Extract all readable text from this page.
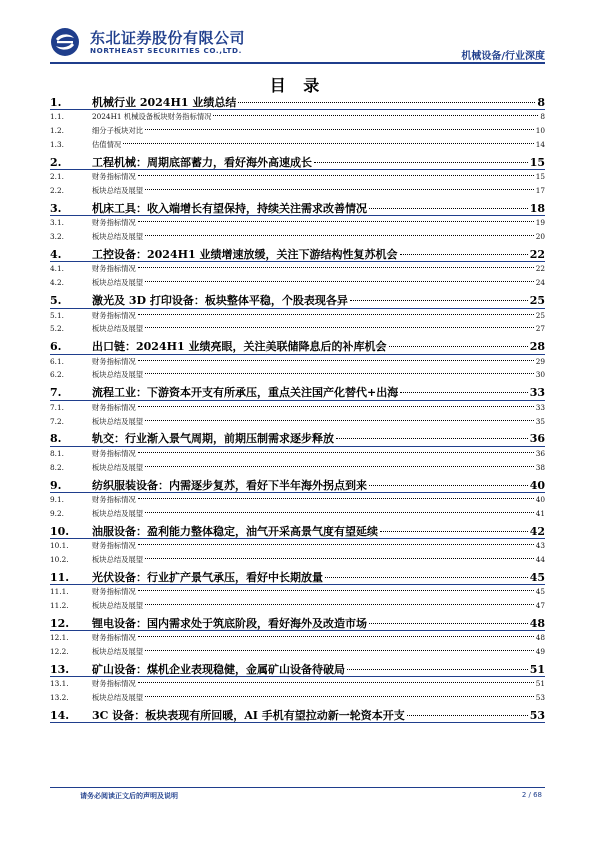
东北证券股份有限公司
NORTHEAST SECURITIES CO.,LTD.
机械设备/行业深度
目 录
1.	机械行业 2024H1 业绩总结	8
1.1.	2024H1 机械设备板块财务指标情况	8
1.2.	细分子板块对比	10
1.3.	估值情况	14
2.	工程机械：周期底部蓄力，看好海外高速成长	15
2.1.	财务指标情况	15
2.2.	板块总结及展望	17
3.	机床工具：收入端增长有望保持，持续关注需求改善情况	18
3.1.	财务指标情况	19
3.2.	板块总结及展望	20
4.	工控设备：2024H1 业绩增速放缓，关注下游结构性复苏机会	22
4.1.	财务指标情况	22
4.2.	板块总结及展望	24
5.	激光及 3D 打印设备：板块整体平稳，个股表现各异	25
5.1.	财务指标情况	25
5.2.	板块总结及展望	27
6.	出口链：2024H1 业绩亮眼，关注美联储降息后的补库机会	28
6.1.	财务指标情况	29
6.2.	板块总结及展望	30
7.	流程工业：下游资本开支有所承压，重点关注国产化替代+出海	33
7.1.	财务指标情况	33
7.2.	板块总结及展望	35
8.	轨交：行业渐入景气周期，前期压制需求逐步释放	36
8.1.	财务指标情况	36
8.2.	板块总结及展望	38
9.	纺织服装设备：内需逐步复苏，看好下半年海外拐点到来	40
9.1.	财务指标情况	40
9.2.	板块总结及展望	41
10.	油服设备：盈利能力整体稳定，油气开采高景气度有望延续	42
10.1.	财务指标情况	43
10.2.	板块总结及展望	44
11.	光伏设备：行业扩产景气承压，看好中长期放量	45
11.1.	财务指标情况	45
11.2.	板块总结及展望	47
12.	锂电设备：国内需求处于筑底阶段，看好海外及改造市场	48
12.1.	财务指标情况	48
12.2.	板块总结及展望	49
13.	矿山设备：煤机企业表现稳健，金属矿山设备待破局	51
13.1.	财务指标情况	51
13.2.	板块总结及展望	53
14.	3C 设备：板块表现有所回暖，AI 手机有望拉动新一轮资本开支	53
请务必阅读正文后的声明及说明	2 / 68
